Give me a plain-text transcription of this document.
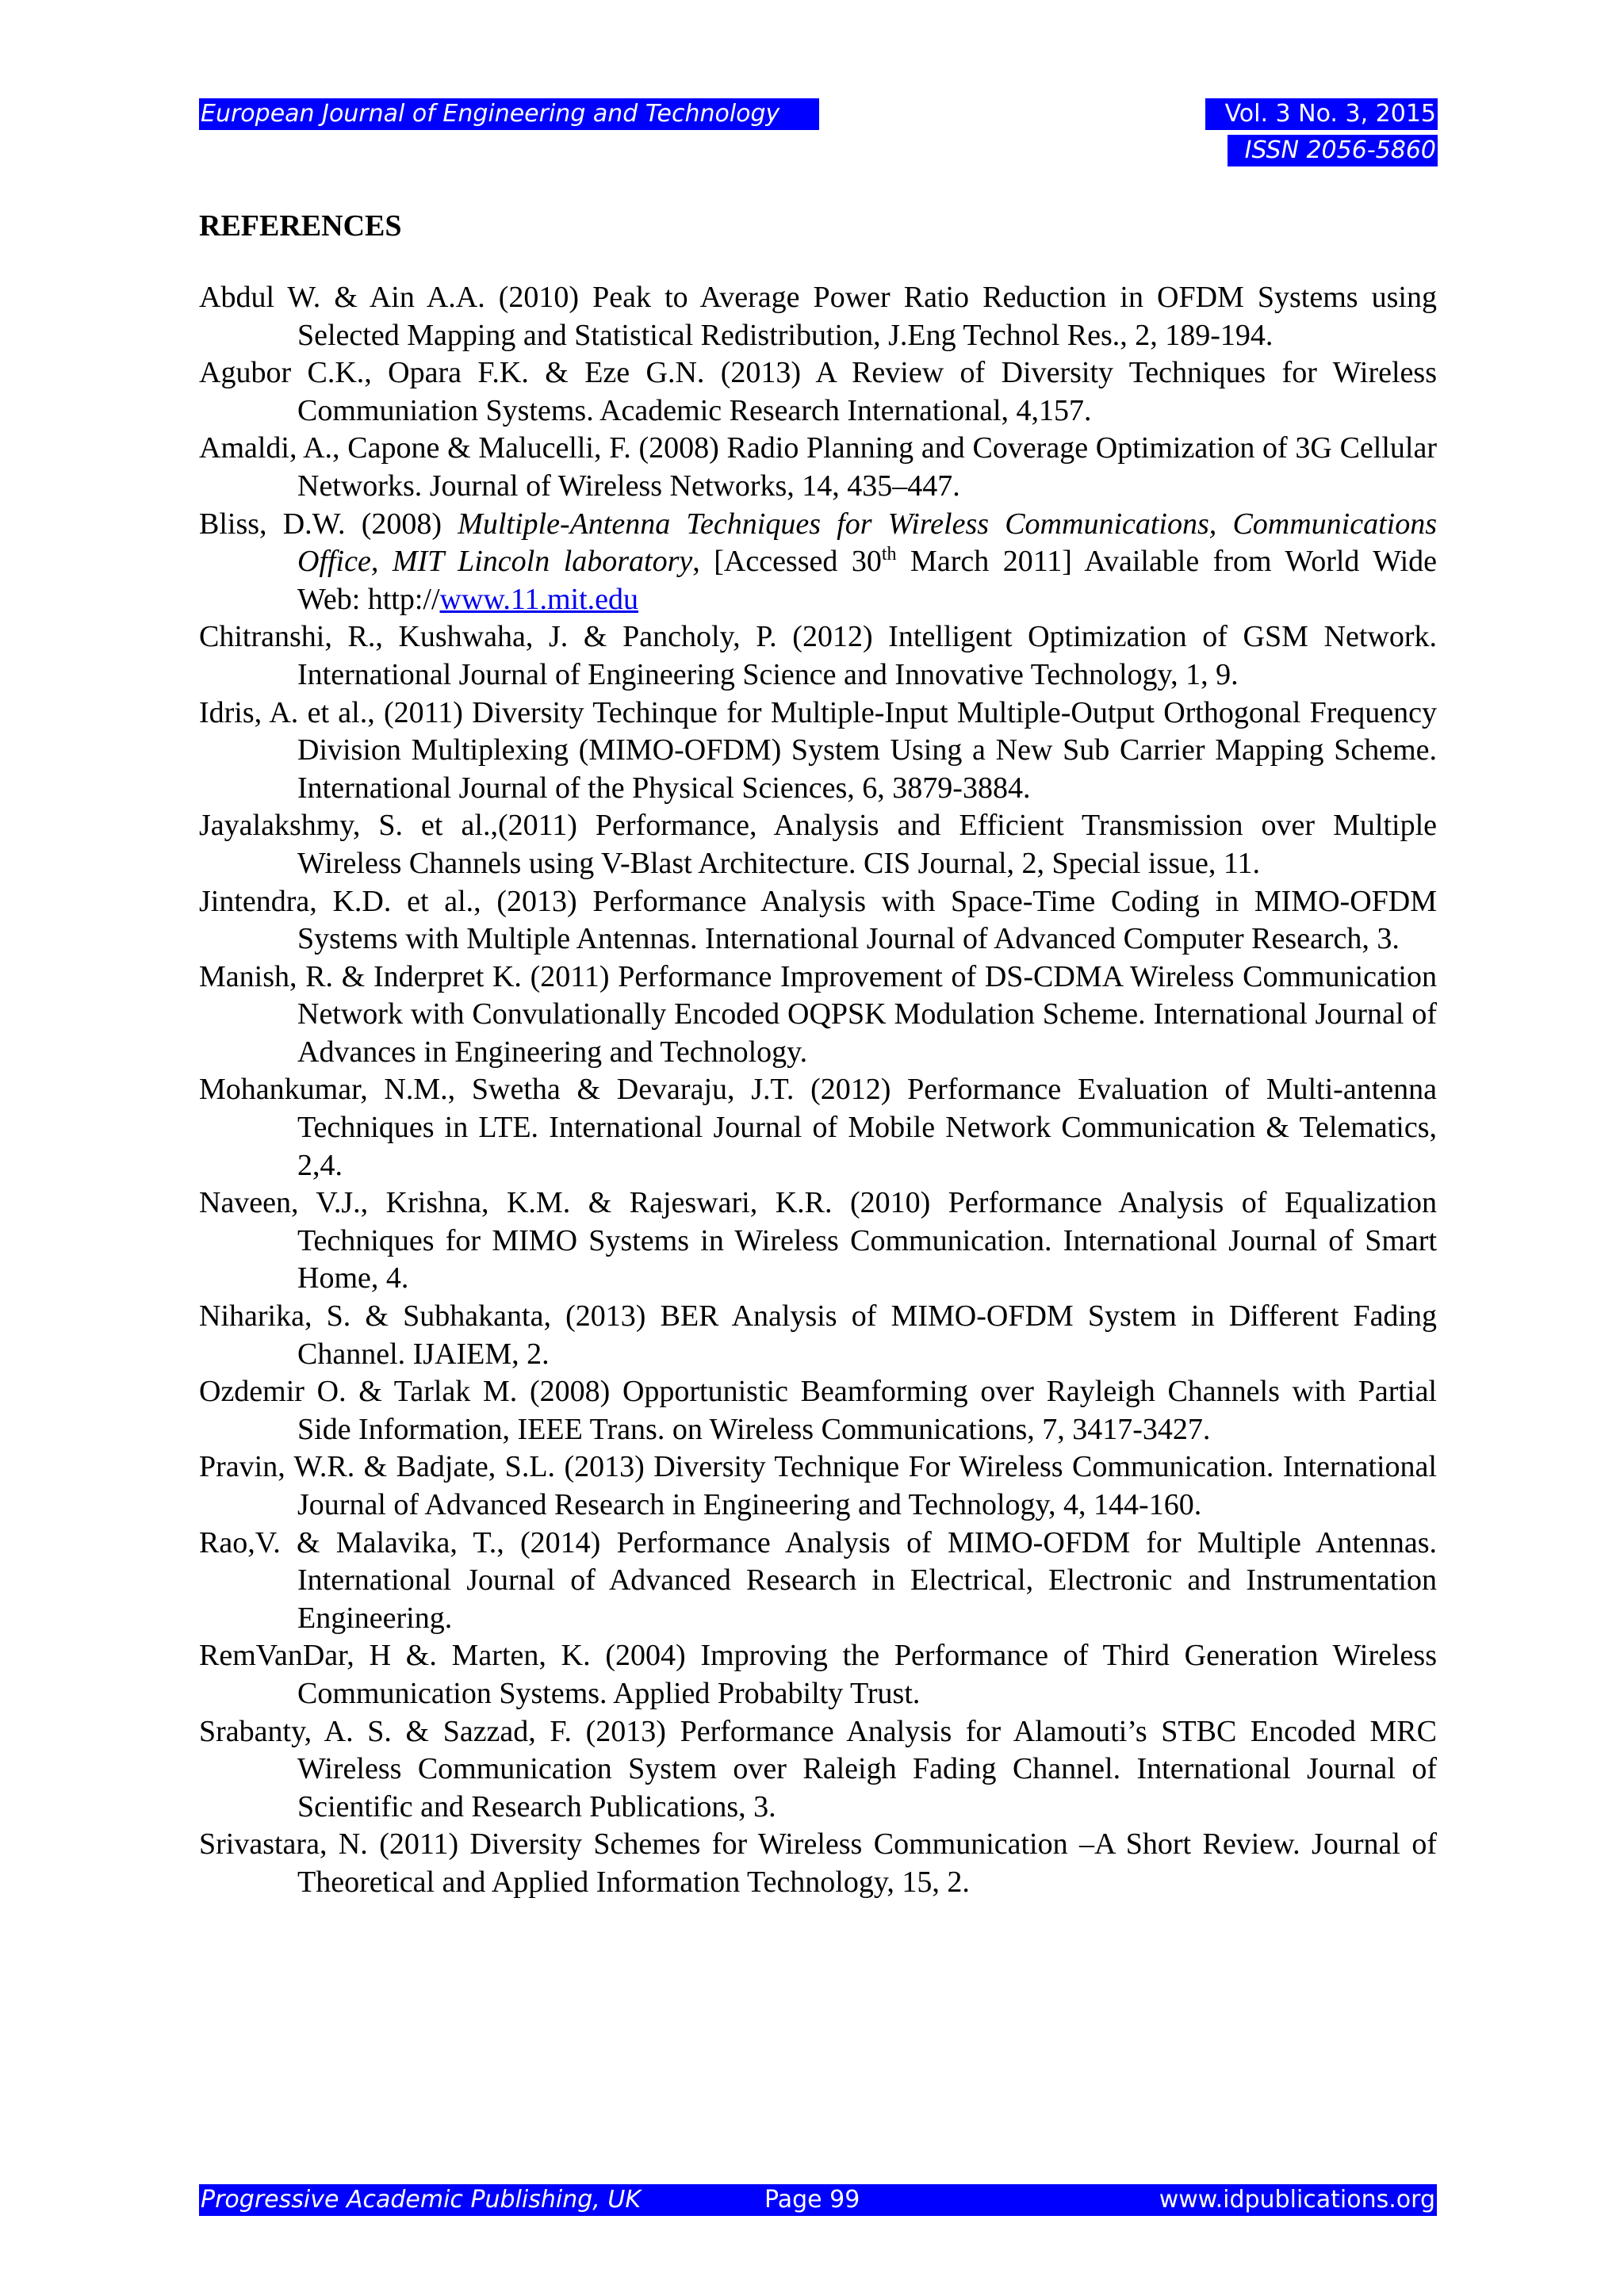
European Journal of Engineering and Technology	Vol. 3 No. 3, 2015
ISSN 2056-5860
REFERENCES
Abdul W. & Ain A.A. (2010) Peak to Average Power Ratio Reduction in OFDM Systems using Selected Mapping and Statistical Redistribution, J.Eng Technol Res., 2, 189-194.
Agubor C.K., Opara F.K. & Eze G.N. (2013) A Review of Diversity Techniques for Wireless Communiation Systems. Academic Research International, 4,157.
Amaldi, A., Capone & Malucelli, F. (2008) Radio Planning and Coverage Optimization of 3G Cellular Networks. Journal of Wireless Networks, 14, 435–447.
Bliss, D.W. (2008) Multiple-Antenna Techniques for Wireless Communications, Communications Office, MIT Lincoln laboratory, [Accessed 30th March 2011] Available from World Wide Web: http://www.11.mit.edu
Chitranshi, R., Kushwaha, J. & Pancholy, P. (2012) Intelligent Optimization of GSM Network. International Journal of Engineering Science and Innovative Technology, 1, 9.
Idris, A. et al., (2011) Diversity Techinque for Multiple-Input Multiple-Output Orthogonal Frequency Division Multiplexing (MIMO-OFDM) System Using a New Sub Carrier Mapping Scheme. International Journal of the Physical Sciences, 6, 3879-3884.
Jayalakshmy, S. et al.,(2011) Performance, Analysis and Efficient Transmission over Multiple Wireless Channels using V-Blast Architecture. CIS Journal, 2, Special issue, 11.
Jintendra, K.D. et al., (2013) Performance Analysis with Space-Time Coding in MIMO-OFDM Systems with Multiple Antennas. International Journal of Advanced Computer Research, 3.
Manish, R. & Inderpret K. (2011) Performance Improvement of DS-CDMA Wireless Communication Network with Convulationally Encoded OQPSK Modulation Scheme. International Journal of Advances in Engineering and Technology.
Mohankumar, N.M., Swetha & Devaraju, J.T. (2012) Performance Evaluation of Multi-antenna Techniques in LTE. International Journal of Mobile Network Communication & Telematics, 2,4.
Naveen, V.J., Krishna, K.M. & Rajeswari, K.R. (2010) Performance Analysis of Equalization Techniques for MIMO Systems in Wireless Communication. International Journal of Smart Home, 4.
Niharika, S. & Subhakanta, (2013) BER Analysis of MIMO-OFDM System in Different Fading Channel. IJAIEM, 2.
Ozdemir O. & Tarlak M. (2008) Opportunistic Beamforming over Rayleigh Channels with Partial Side Information, IEEE Trans. on Wireless Communications, 7, 3417-3427.
Pravin, W.R. & Badjate, S.L. (2013) Diversity Technique For Wireless Communication. International Journal of Advanced Research in Engineering and Technology, 4, 144-160.
Rao,V. & Malavika, T., (2014) Performance Analysis of MIMO-OFDM for Multiple Antennas. International Journal of Advanced Research in Electrical, Electronic and Instrumentation Engineering.
RemVanDar, H &. Marten, K. (2004) Improving the Performance of Third Generation Wireless Communication Systems. Applied Probabilty Trust.
Srabanty, A. S. & Sazzad, F. (2013) Performance Analysis for Alamouti’s STBC Encoded MRC Wireless Communication System over Raleigh Fading Channel. International Journal of Scientific and Research Publications, 3.
Srivastara, N. (2011) Diversity Schemes for Wireless Communication –A Short Review. Journal of Theoretical and Applied Information Technology, 15, 2.
Progressive Academic Publishing, UK	Page 99	www.idpublications.org
